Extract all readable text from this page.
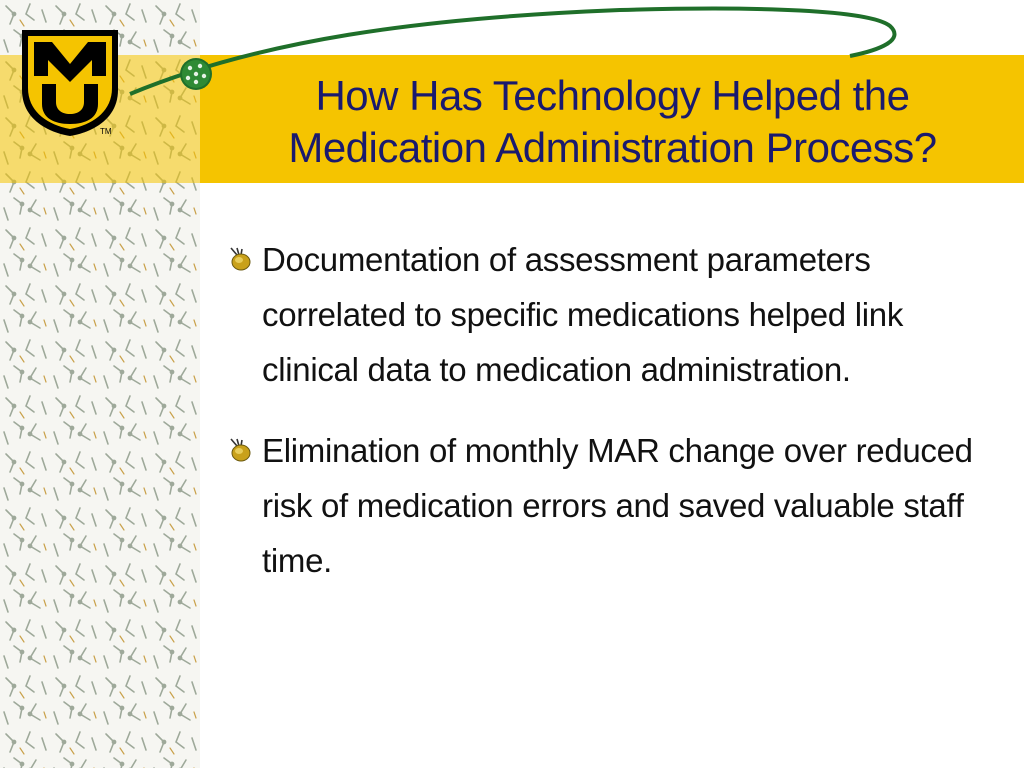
TM
How Has Technology Helped the
Medication Administration Process?
Documentation of assessment parameters correlated to specific medications helped link clinical data to medication administration.
Elimination of monthly MAR change over reduced risk of medication errors and saved valuable staff time.
